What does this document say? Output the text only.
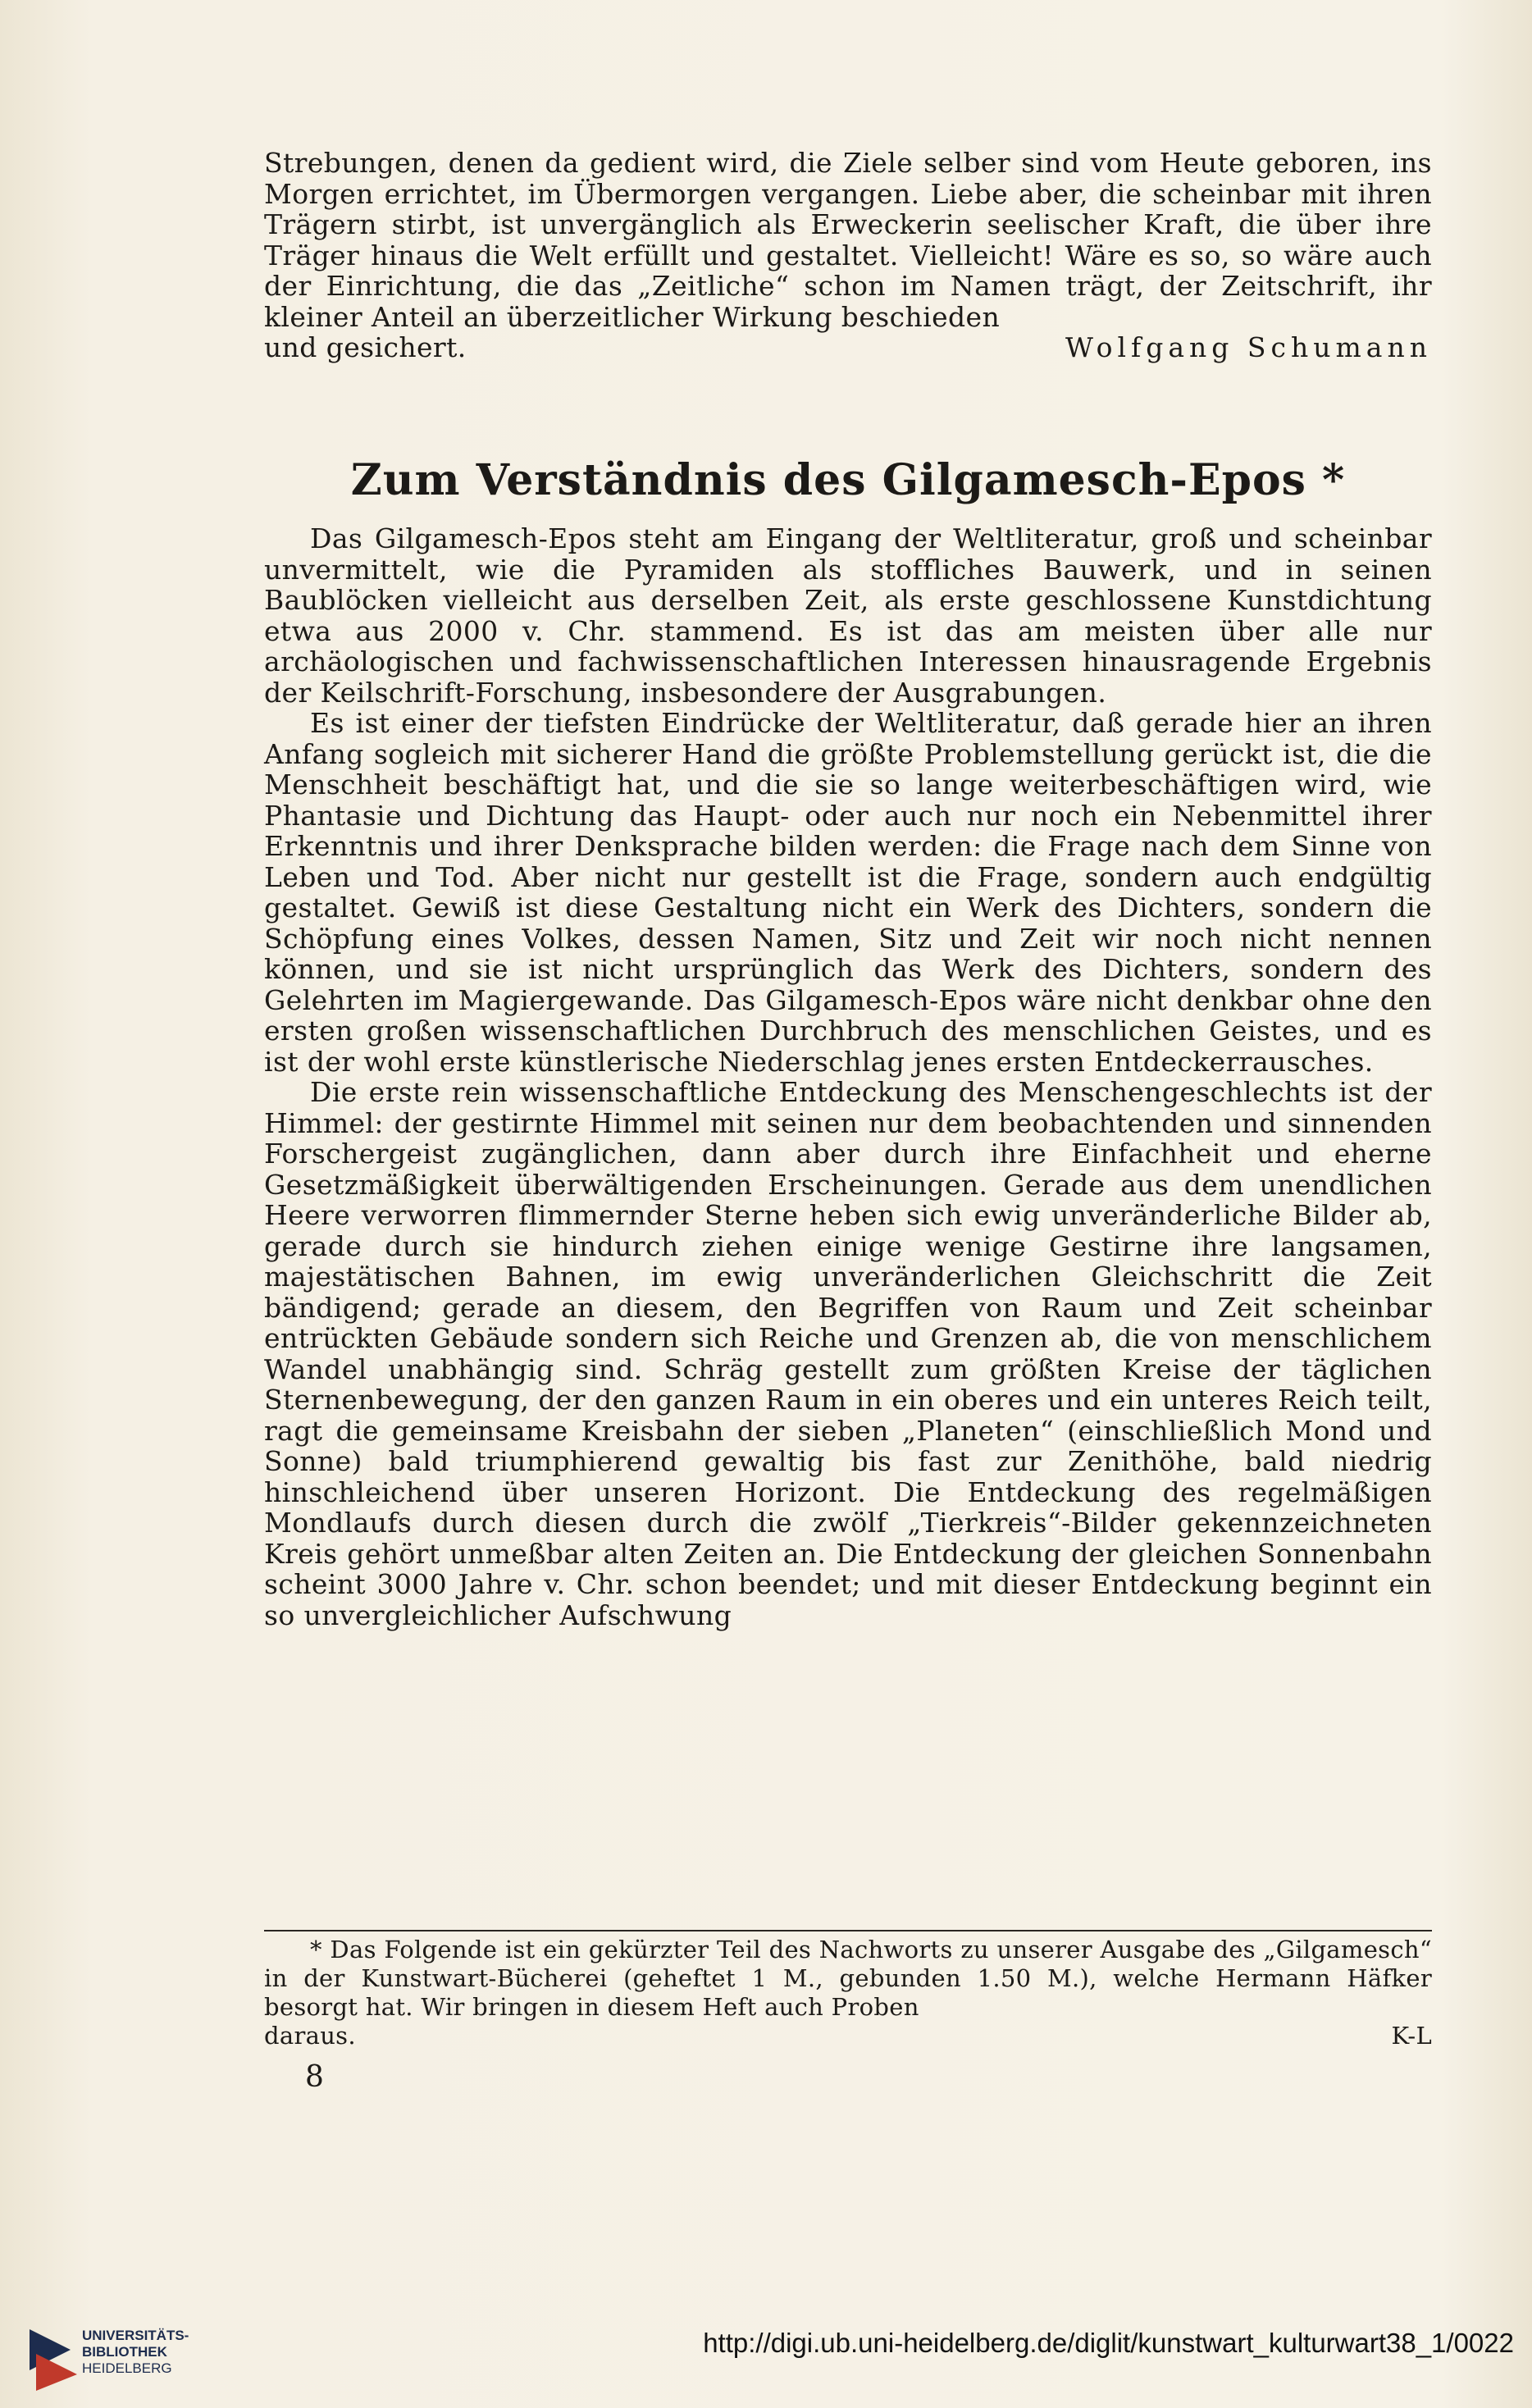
Strebungen, denen da gedient wird, die Ziele selber sind vom Heute geboren, ins Morgen errichtet, im Übermorgen vergangen. Liebe aber, die scheinbar mit ihren Trägern stirbt, ist unvergänglich als Erweckerin seelischer Kraft, die über ihre Träger hinaus die Welt erfüllt und gestaltet. Vielleicht! Wäre es so, so wäre auch der Einrichtung, die das „Zeitliche“ schon im Namen trägt, der Zeitschrift, ihr kleiner Anteil an überzeitlicher Wirkung beschieden

und gesichert.	Wolfgang Schumann
Zum Verständnis des Gilgamesch-Epos *

Das Gilgamesch-Epos steht am Eingang der Weltliteratur, groß und scheinbar unvermittelt, wie die Pyramiden als stoffliches Bauwerk, und in seinen Baublöcken vielleicht aus derselben Zeit, als erste geschlossene Kunstdichtung etwa aus 2000 v. Chr. stammend. Es ist das am meisten über alle nur archäologischen und fachwissenschaftlichen Interessen hinausragende Ergebnis der Keilschrift-Forschung, insbesondere der Ausgrabungen.

Es ist einer der tiefsten Eindrücke der Weltliteratur, daß gerade hier an ihren Anfang sogleich mit sicherer Hand die größte Problemstellung gerückt ist, die die Menschheit beschäftigt hat, und die sie so lange weiterbeschäftigen wird, wie Phantasie und Dichtung das Haupt- oder auch nur noch ein Nebenmittel ihrer Erkenntnis und ihrer Denksprache bilden werden: die Frage nach dem Sinne von Leben und Tod. Aber nicht nur gestellt ist die Frage, sondern auch endgültig gestaltet. Gewiß ist diese Gestaltung nicht ein Werk des Dichters, sondern die Schöpfung eines Volkes, dessen Namen, Sitz und Zeit wir noch nicht nennen können, und sie ist nicht ursprünglich das Werk des Dichters, sondern des Gelehrten im Magiergewande. Das Gilgamesch-Epos wäre nicht denkbar ohne den ersten großen wissenschaftlichen Durchbruch des menschlichen Geistes, und es ist der wohl erste künstlerische Niederschlag jenes ersten Entdeckerrausches.

Die erste rein wissenschaftliche Entdeckung des Menschengeschlechts ist der Himmel: der gestirnte Himmel mit seinen nur dem beobachtenden und sinnenden Forschergeist zugänglichen, dann aber durch ihre Einfachheit und eherne Gesetzmäßigkeit überwältigenden Erscheinungen. Gerade aus dem unendlichen Heere verworren flimmernder Sterne heben sich ewig unveränderliche Bilder ab, gerade durch sie hindurch ziehen einige wenige Gestirne ihre langsamen, majestätischen Bahnen, im ewig unveränderlichen Gleichschritt die Zeit bändigend; gerade an diesem, den Begriffen von Raum und Zeit scheinbar entrückten Gebäude sondern sich Reiche und Grenzen ab, die von menschlichem Wandel unabhängig sind. Schräg gestellt zum größten Kreise der täglichen Sternenbewegung, der den ganzen Raum in ein oberes und ein unteres Reich teilt, ragt die gemeinsame Kreisbahn der sieben „Planeten“ (einschließlich Mond und Sonne) bald triumphierend gewaltig bis fast zur Zenithöhe, bald niedrig hinschleichend über unseren Horizont. Die Entdeckung des regelmäßigen Mondlaufs durch diesen durch die zwölf „Tierkreis“-Bilder gekennzeichneten Kreis gehört unmeßbar alten Zeiten an. Die Entdeckung der gleichen Sonnenbahn scheint 3000 Jahre v. Chr. schon beendet; und mit dieser Entdeckung beginnt ein so unvergleichlicher Aufschwung

* Das Folgende ist ein gekürzter Teil des Nachworts zu unserer Ausgabe des „Gilgamesch“ in der Kunstwart-Bücherei (geheftet 1 M., gebunden 1.50 M.), welche Hermann Häfker besorgt hat. Wir bringen in diesem Heft auch Proben

daraus.	K-L
8
UNIVERSITÄTS-
BIBLIOTHEK
HEIDELBERG
http://digi.ub.uni-heidelberg.de/diglit/kunstwart_kulturwart38_1/0022
